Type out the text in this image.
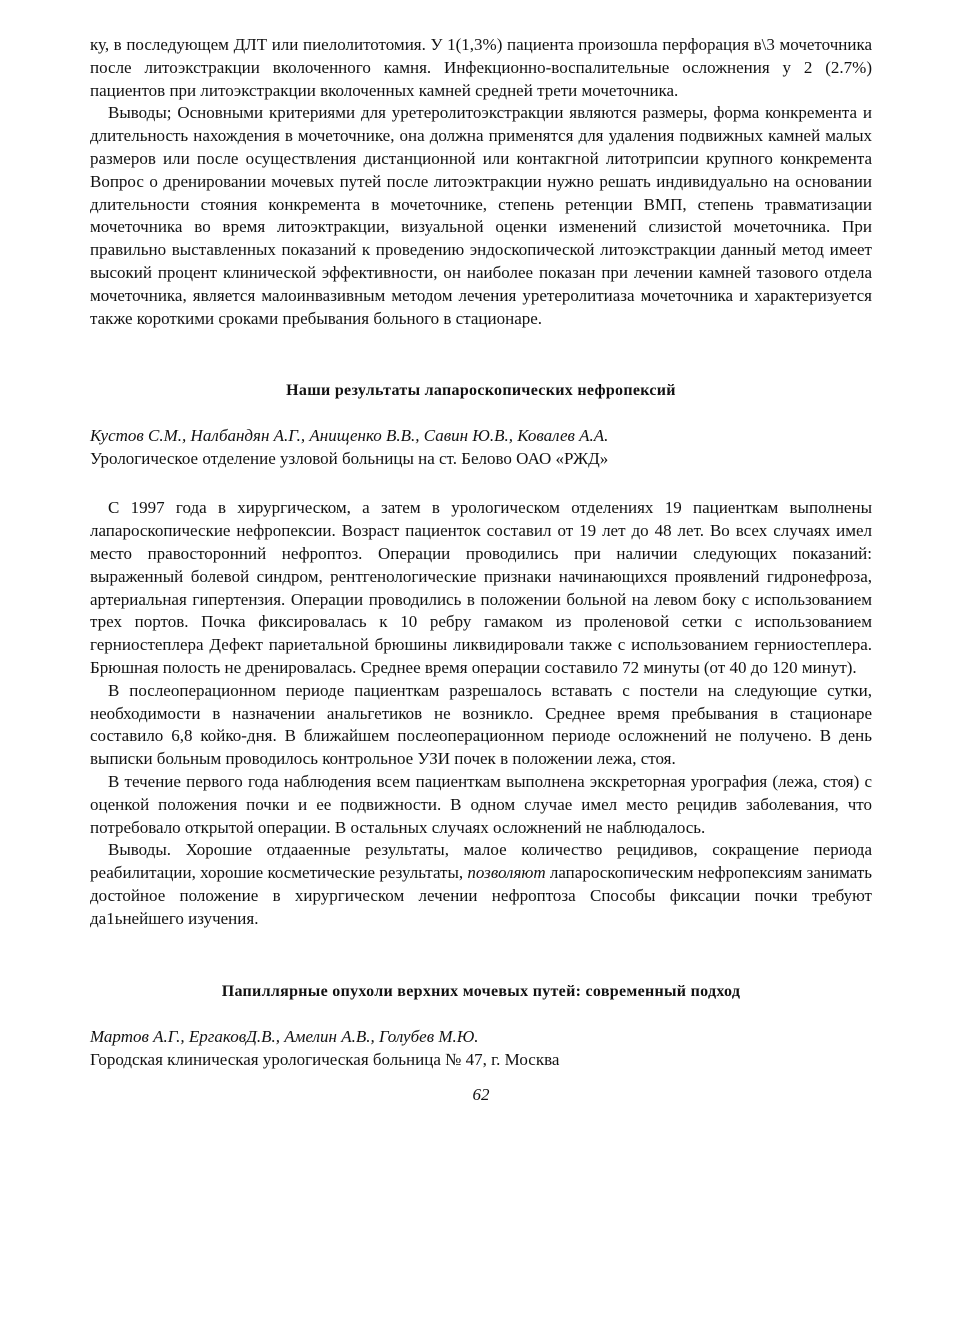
ку, в последующем ДЛТ или пиелолитотомия. У 1(1,3%) пациента произошла перфорация в\3 мочеточника после литоэкстракции вколоченного камня. Инфекционно-воспалительные осложнения у 2 (2.7%) пациентов при литоэкстракции вколоченных камней средней трети мочеточника.

Выводы; Основными критериями для уретеролитоэкстракции являются размеры, форма конкремента и длительность нахождения в мочеточнике, она должна применятся для удаления подвижных камней малых размеров или после осуществления дистанционной или контакгной литотрипсии крупного конкремента Вопрос о дренировании мочевых путей после литоэктракции нужно решать индивидуально на основании длительности стояния конкремента в мочеточнике, степень ретенции ВМП, степень травматизации мочеточника во время литоэктракции, визуальной оценки изменений слизистой мочеточника. При правильно выставленных показаний к проведению эндоскопической литоэкстракции данный метод имеет высокий процент клинической эффективности, он наиболее показан при лечении камней тазового отдела мочеточника, является малоинвазивным методом лечения уретеролитиаза мочеточника и характеризуется также короткими сроками пребывания больного в стационаре.

Наши результаты лапароскопических нефропексий

Кустов С.М., Налбандян А.Г., Анищенко В.В., Савин Ю.В., Ковалев А.А.

Урологическое отделение узловой больницы на ст. Белово ОАО «РЖД»

С 1997 года в хирургическом, а затем в урологическом отделениях 19 пациенткам выполнены лапароскопические нефропексии. Возраст пациенток составил от 19 лет до 48 лет. Во всех случаях имел место правосторонний нефроптоз. Операции проводились при наличии следующих показаний: выраженный болевой синдром, рентгенологические признаки начинающихся проявлений гидронефроза, артериальная гипертензия. Операции проводились в положении больной на левом боку с использованием трех портов. Почка фиксировалась к 10 ребру гамаком из проленовой сетки с использованием герниостеплера Дефект париетальной брюшины ликвидировали также с использованием герниостеплера. Брюшная полость не дренировалась. Среднее время операции составило 72 минуты (от 40 до 120 минут).

В послеоперационном периоде пациенткам разрешалось вставать с постели на следующие сутки, необходимости в назначении анальгетиков не возникло. Среднее время пребывания в стационаре составило 6,8 койко-дня. В ближайшем послеоперационном периоде осложнений не получено. В день выписки больным проводилось контрольное УЗИ почек в положении лежа, стоя.

В течение первого года наблюдения всем пациенткам выполнена экскреторная урография (лежа, стоя) с оценкой положения почки и ее подвижности. В одном случае имел место рецидив заболевания, что потребовало открытой операции. В остальных случаях осложнений не наблюдалось.

Выводы. Хорошие отдааенные результаты, малое количество рецидивов, сокращение периода реабилитации, хорошие косметические результаты, позволяют лапароскопическим нефропексиям занимать достойное положение в хирургическом лечении нефроптоза Способы фиксации почки требуют да1ьнейшего изучения.

Папиллярные опухоли верхних мочевых путей: современный подход

Мартов А.Г., ЕргаковД.В., Амелин А.В., Голубев М.Ю.

Городская клиническая урологическая больница № 47, г. Москва

62
